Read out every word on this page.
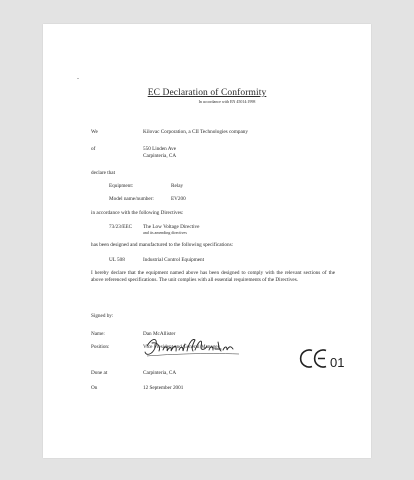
EC Declaration of Conformity
In accordance with EN 45014:1998
We	Kilovac Corporation, a CII Technologies company
of	550 Linden Ave
Carpinteria, CA
declare that
Equipment:	Relay
Model name/number:	EV200
in accordance with the following Directives:
73/23/EEC The Low Voltage Directive
and its amending directives
has been designed and manufactured to the following specifications:
UL 508	Industrial Control Equipment
I hereby declare that the equipment named above has been designed to comply with the relevant sections of the above referenced specifications. The unit complies with all essential requirements of the Directives.
Signed by:
Name:	Dan McAllister
Position:	Vice President and General Manager
01
Done at	Carpinteria, CA
On	12 September 2001
